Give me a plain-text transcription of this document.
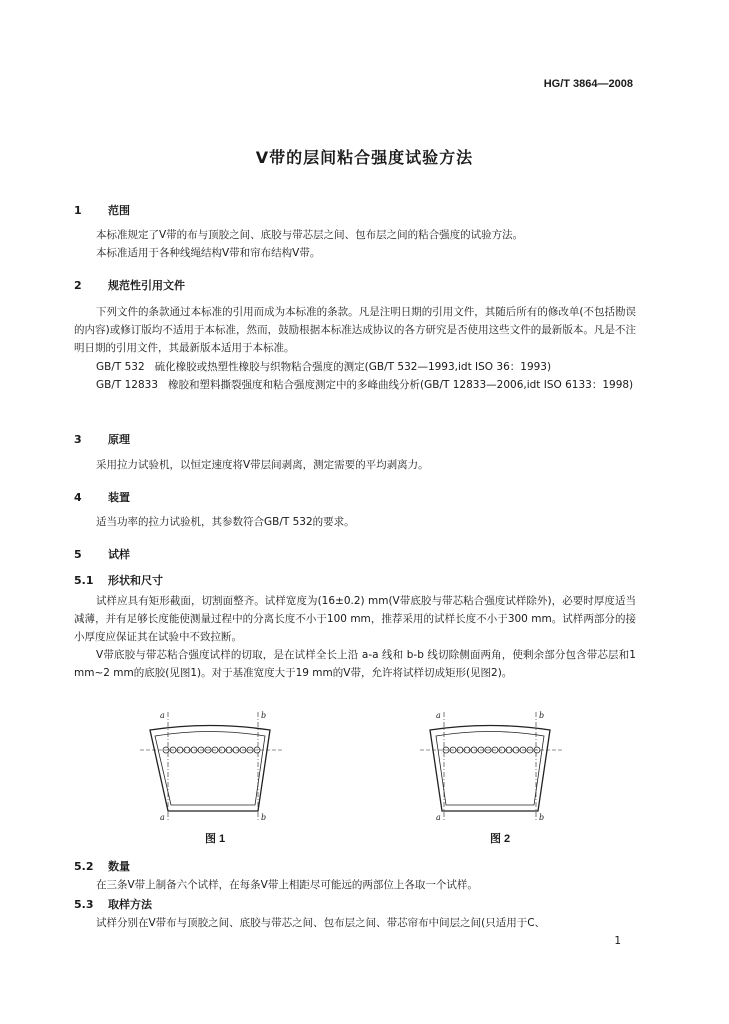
HG/T 3864—2008
V带的层间粘合强度试验方法
1 范围
本标准规定了V带的布与顶胶之间、底胶与带芯层之间、包布层之间的粘合强度的试验方法。
本标准适用于各种线绳结构V带和帘布结构V带。
2 规范性引用文件
下列文件的条款通过本标准的引用而成为本标准的条款。凡是注明日期的引用文件，其随后所有的修改单(不包括勘误的内容)或修订版均不适用于本标准，然而，鼓励根据本标准达成协议的各方研究是否使用这些文件的最新版本。凡是不注明日期的引用文件，其最新版本适用于本标准。
GB/T 532 硫化橡胶或热塑性橡胶与织物粘合强度的测定(GB/T 532—1993,idt ISO 36：1993)
GB/T 12833 橡胶和塑料撕裂强度和粘合强度测定中的多峰曲线分析(GB/T 12833—2006,idt ISO 6133：1998)
3 原理
采用拉力试验机，以恒定速度将V带层间剥离，测定需要的平均剥离力。
4 装置
适当功率的拉力试验机，其参数符合GB/T 532的要求。
5 试样
5.1 形状和尺寸
试样应具有矩形截面，切割面整齐。试样宽度为(16±0.2) mm(V带底胶与带芯粘合强度试样除外)，必要时厚度适当减薄，并有足够长度能使测量过程中的分离长度不小于100 mm，推荐采用的试样长度不小于300 mm。试样两部分的接小厚度应保证其在试验中不致拉断。
V带底胶与带芯粘合强度试样的切取，是在试样全长上沿 a-a 线和 b-b 线切除侧面两角，使剩余部分包含带芯层和1 mm~2 mm的底胶(见图1)。对于基准宽度大于19 mm的V带，允许将试样切成矩形(见图2)。
a	b
a	b
图 1
a	b
a	b
图 2
5.2 数量
在三条V带上制备六个试样，在每条V带上相距尽可能远的两部位上各取一个试样。
5.3 取样方法
试样分别在V带布与顶胶之间、底胶与带芯之间、包布层之间、带芯帘布中间层之间(只适用于C、
1
